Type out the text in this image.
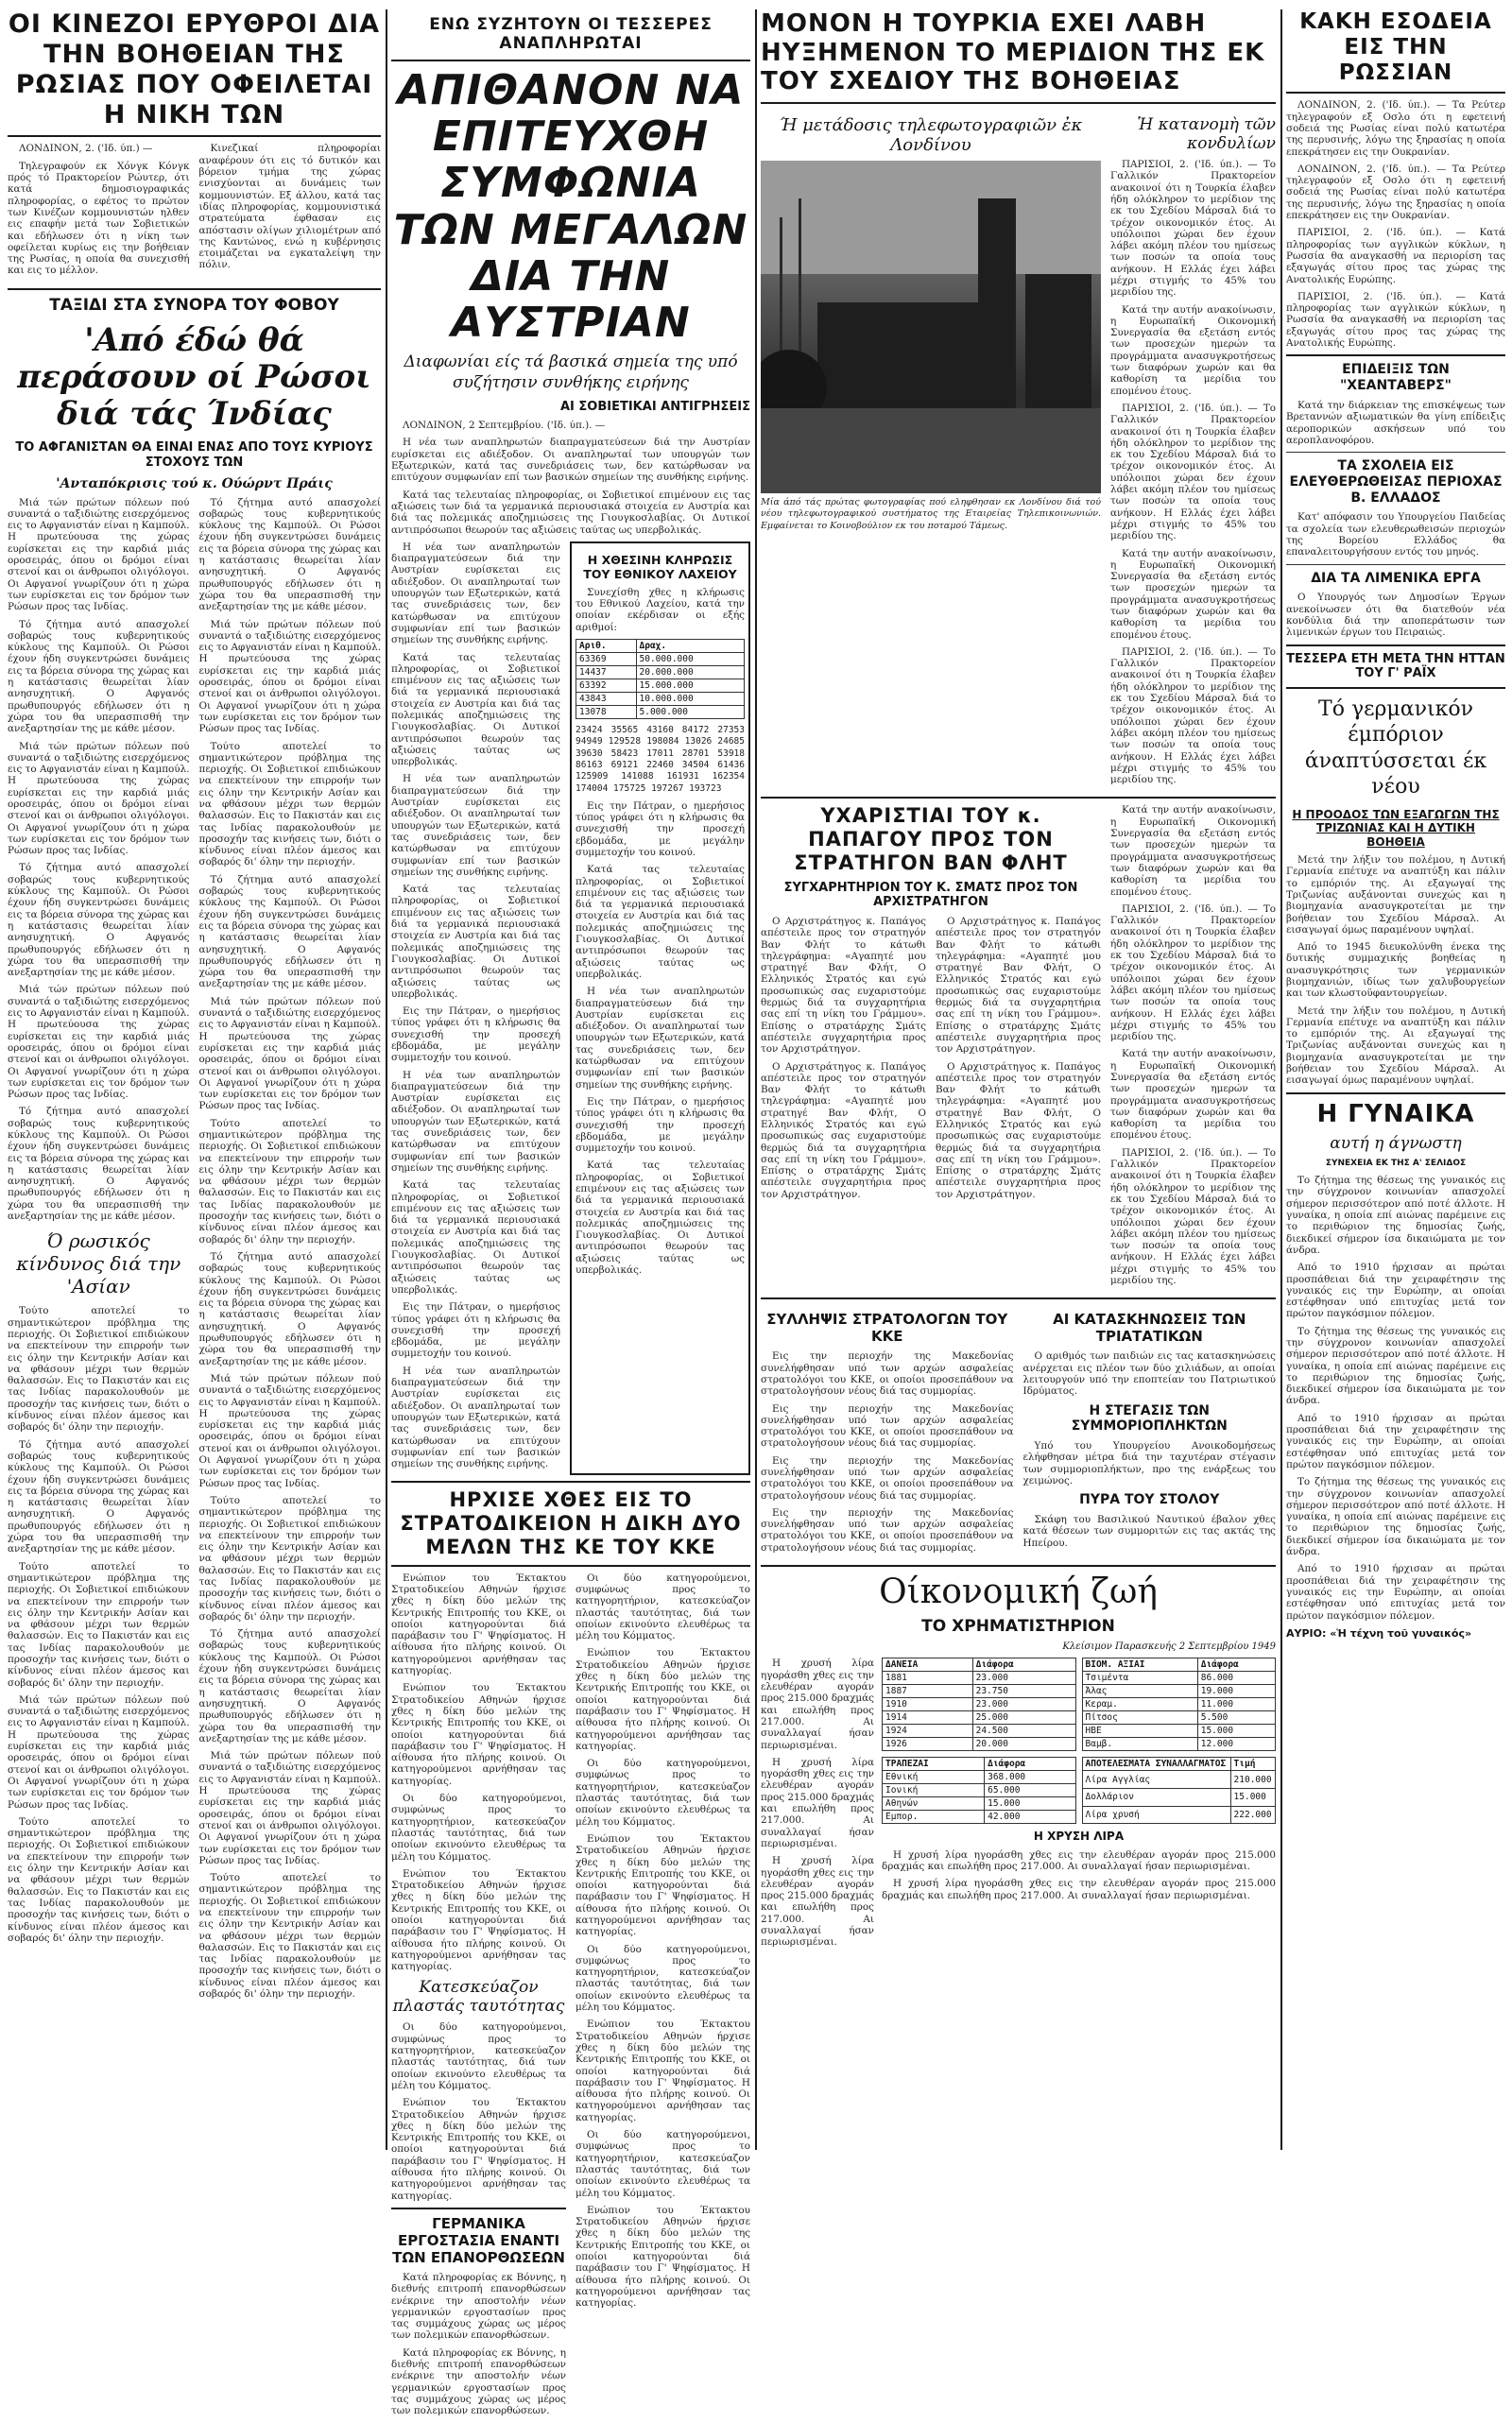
ΟΙ ΚΙΝΕΖΟΙ ΕΡΥΘΡΟΙ ΔΙΑ ΤΗΝ ΒΟΗΘΕΙΑΝ ΤΗΣ ΡΩΣΙΑΣ ΠΟΥ ΟΦΕΙΛΕΤΑΙ Η ΝΙΚΗ ΤΩΝ

ΛΟΝΔΙΝΟΝ, 2. ('Ιδ. ύπ.) —

Τηλεγραφούν εκ Χόνγκ Κόνγκ πρός τό Πρακτορείον Ρώυτερ, ότι κατά δημοσιογραφικάς πληροφορίας, ο εφέτος το πρώτον των Κινέζων κομμουνιστών ηλθεν εις επαφήν μετά των Σοβιετικών και εδήλωσεν ότι η νίκη των οφείλεται κυρίως εις την βοήθειαν της Ρωσίας, η οποία θα συνεχισθή και εις το μέλλον.

Κινεζικαί πληροφορίαι αναφέρουν ότι εις τό δυτικόν και βόρειον τμήμα της χώρας ενισχύονται αι δυνάμεις των κομμουνιστών. Εξ άλλου, κατά τας ιδίας πληροφορίας, κομμουνιστικά στρατεύματα έφθασαν εις απόστασιν ολίγων χιλιομέτρων από της Καντώνος, ενώ η κυβέρνησις ετοιμάζεται να εγκαταλείψη την πόλιν.

ΤΑΞΙΔΙ ΣΤΑ ΣΥΝΟΡΑ ΤΟΥ ΦΟΒΟΥ
'Από έδώ θά περάσουν οί Ρώσοι διά τάς Ίνδίας
ΤΟ ΑΦΓΑΝΙΣΤΑΝ ΘΑ ΕΙΝΑΙ ΕΝΑΣ ΑΠΟ ΤΟΥΣ ΚΥΡΙΟΥΣ ΣΤΟΧΟΥΣ ΤΩΝ
'Ανταπόκρισις τού κ. Ούώρντ Πράις

Μιά τών πρώτων πόλεων πού συναντά ο ταξιδιώτης εισερχόμενος εις το Αφγανιστάν είναι η Καμπούλ. Η πρωτεύουσα της χώρας ευρίσκεται εις την καρδιά μιάς οροσειράς, όπου οι δρόμοι είναι στενοί και οι άνθρωποι ολιγόλογοι. Οι Αφγανοί γνωρίζουν ότι η χώρα των ευρίσκεται εις τον δρόμον των Ρώσων προς τας Ινδίας.

Τό ζήτημα αυτό απασχολεί σοβαρώς τους κυβερνητικούς κύκλους της Καμπούλ. Οι Ρώσοι έχουν ήδη συγκεντρώσει δυνάμεις εις τα βόρεια σύνορα της χώρας και η κατάστασις θεωρείται λίαν ανησυχητική. Ο Αφγανός πρωθυπουργός εδήλωσεν ότι η χώρα του θα υπερασπισθή την ανεξαρτησίαν της με κάθε μέσον.

Μιά τών πρώτων πόλεων πού συναντά ο ταξιδιώτης εισερχόμενος εις το Αφγανιστάν είναι η Καμπούλ. Η πρωτεύουσα της χώρας ευρίσκεται εις την καρδιά μιάς οροσειράς, όπου οι δρόμοι είναι στενοί και οι άνθρωποι ολιγόλογοι. Οι Αφγανοί γνωρίζουν ότι η χώρα των ευρίσκεται εις τον δρόμον των Ρώσων προς τας Ινδίας.

Τό ζήτημα αυτό απασχολεί σοβαρώς τους κυβερνητικούς κύκλους της Καμπούλ. Οι Ρώσοι έχουν ήδη συγκεντρώσει δυνάμεις εις τα βόρεια σύνορα της χώρας και η κατάστασις θεωρείται λίαν ανησυχητική. Ο Αφγανός πρωθυπουργός εδήλωσεν ότι η χώρα του θα υπερασπισθή την ανεξαρτησίαν της με κάθε μέσον.

Μιά τών πρώτων πόλεων πού συναντά ο ταξιδιώτης εισερχόμενος εις το Αφγανιστάν είναι η Καμπούλ. Η πρωτεύουσα της χώρας ευρίσκεται εις την καρδιά μιάς οροσειράς, όπου οι δρόμοι είναι στενοί και οι άνθρωποι ολιγόλογοι. Οι Αφγανοί γνωρίζουν ότι η χώρα των ευρίσκεται εις τον δρόμον των Ρώσων προς τας Ινδίας.

Τό ζήτημα αυτό απασχολεί σοβαρώς τους κυβερνητικούς κύκλους της Καμπούλ. Οι Ρώσοι έχουν ήδη συγκεντρώσει δυνάμεις εις τα βόρεια σύνορα της χώρας και η κατάστασις θεωρείται λίαν ανησυχητική. Ο Αφγανός πρωθυπουργός εδήλωσεν ότι η χώρα του θα υπερασπισθή την ανεξαρτησίαν της με κάθε μέσον.

Ό ρωσικός κίνδυνος διά την 'Ασίαν

Τούτο αποτελεί το σημαντικώτερον πρόβλημα της περιοχής. Οι Σοβιετικοί επιδιώκουν να επεκτείνουν την επιρροήν των εις όλην την Κεντρικήν Ασίαν και να φθάσουν μέχρι των θερμών θαλασσών. Εις το Πακιστάν και εις τας Ινδίας παρακολουθούν με προσοχήν τας κινήσεις των, διότι ο κίνδυνος είναι πλέον άμεσος και σοβαρός δι' όλην την περιοχήν.

Τό ζήτημα αυτό απασχολεί σοβαρώς τους κυβερνητικούς κύκλους της Καμπούλ. Οι Ρώσοι έχουν ήδη συγκεντρώσει δυνάμεις εις τα βόρεια σύνορα της χώρας και η κατάστασις θεωρείται λίαν ανησυχητική. Ο Αφγανός πρωθυπουργός εδήλωσεν ότι η χώρα του θα υπερασπισθή την ανεξαρτησίαν της με κάθε μέσον.

Τούτο αποτελεί το σημαντικώτερον πρόβλημα της περιοχής. Οι Σοβιετικοί επιδιώκουν να επεκτείνουν την επιρροήν των εις όλην την Κεντρικήν Ασίαν και να φθάσουν μέχρι των θερμών θαλασσών. Εις το Πακιστάν και εις τας Ινδίας παρακολουθούν με προσοχήν τας κινήσεις των, διότι ο κίνδυνος είναι πλέον άμεσος και σοβαρός δι' όλην την περιοχήν.

Μιά τών πρώτων πόλεων πού συναντά ο ταξιδιώτης εισερχόμενος εις το Αφγανιστάν είναι η Καμπούλ. Η πρωτεύουσα της χώρας ευρίσκεται εις την καρδιά μιάς οροσειράς, όπου οι δρόμοι είναι στενοί και οι άνθρωποι ολιγόλογοι. Οι Αφγανοί γνωρίζουν ότι η χώρα των ευρίσκεται εις τον δρόμον των Ρώσων προς τας Ινδίας.

Τούτο αποτελεί το σημαντικώτερον πρόβλημα της περιοχής. Οι Σοβιετικοί επιδιώκουν να επεκτείνουν την επιρροήν των εις όλην την Κεντρικήν Ασίαν και να φθάσουν μέχρι των θερμών θαλασσών. Εις το Πακιστάν και εις τας Ινδίας παρακολουθούν με προσοχήν τας κινήσεις των, διότι ο κίνδυνος είναι πλέον άμεσος και σοβαρός δι' όλην την περιοχήν.

Τό ζήτημα αυτό απασχολεί σοβαρώς τους κυβερνητικούς κύκλους της Καμπούλ. Οι Ρώσοι έχουν ήδη συγκεντρώσει δυνάμεις εις τα βόρεια σύνορα της χώρας και η κατάστασις θεωρείται λίαν ανησυχητική. Ο Αφγανός πρωθυπουργός εδήλωσεν ότι η χώρα του θα υπερασπισθή την ανεξαρτησίαν της με κάθε μέσον.

Μιά τών πρώτων πόλεων πού συναντά ο ταξιδιώτης εισερχόμενος εις το Αφγανιστάν είναι η Καμπούλ. Η πρωτεύουσα της χώρας ευρίσκεται εις την καρδιά μιάς οροσειράς, όπου οι δρόμοι είναι στενοί και οι άνθρωποι ολιγόλογοι. Οι Αφγανοί γνωρίζουν ότι η χώρα των ευρίσκεται εις τον δρόμον των Ρώσων προς τας Ινδίας.

Τούτο αποτελεί το σημαντικώτερον πρόβλημα της περιοχής. Οι Σοβιετικοί επιδιώκουν να επεκτείνουν την επιρροήν των εις όλην την Κεντρικήν Ασίαν και να φθάσουν μέχρι των θερμών θαλασσών. Εις το Πακιστάν και εις τας Ινδίας παρακολουθούν με προσοχήν τας κινήσεις των, διότι ο κίνδυνος είναι πλέον άμεσος και σοβαρός δι' όλην την περιοχήν.

Τό ζήτημα αυτό απασχολεί σοβαρώς τους κυβερνητικούς κύκλους της Καμπούλ. Οι Ρώσοι έχουν ήδη συγκεντρώσει δυνάμεις εις τα βόρεια σύνορα της χώρας και η κατάστασις θεωρείται λίαν ανησυχητική. Ο Αφγανός πρωθυπουργός εδήλωσεν ότι η χώρα του θα υπερασπισθή την ανεξαρτησίαν της με κάθε μέσον.

Μιά τών πρώτων πόλεων πού συναντά ο ταξιδιώτης εισερχόμενος εις το Αφγανιστάν είναι η Καμπούλ. Η πρωτεύουσα της χώρας ευρίσκεται εις την καρδιά μιάς οροσειράς, όπου οι δρόμοι είναι στενοί και οι άνθρωποι ολιγόλογοι. Οι Αφγανοί γνωρίζουν ότι η χώρα των ευρίσκεται εις τον δρόμον των Ρώσων προς τας Ινδίας.

Τούτο αποτελεί το σημαντικώτερον πρόβλημα της περιοχής. Οι Σοβιετικοί επιδιώκουν να επεκτείνουν την επιρροήν των εις όλην την Κεντρικήν Ασίαν και να φθάσουν μέχρι των θερμών θαλασσών. Εις το Πακιστάν και εις τας Ινδίας παρακολουθούν με προσοχήν τας κινήσεις των, διότι ο κίνδυνος είναι πλέον άμεσος και σοβαρός δι' όλην την περιοχήν.

Τό ζήτημα αυτό απασχολεί σοβαρώς τους κυβερνητικούς κύκλους της Καμπούλ. Οι Ρώσοι έχουν ήδη συγκεντρώσει δυνάμεις εις τα βόρεια σύνορα της χώρας και η κατάστασις θεωρείται λίαν ανησυχητική. Ο Αφγανός πρωθυπουργός εδήλωσεν ότι η χώρα του θα υπερασπισθή την ανεξαρτησίαν της με κάθε μέσον.

Μιά τών πρώτων πόλεων πού συναντά ο ταξιδιώτης εισερχόμενος εις το Αφγανιστάν είναι η Καμπούλ. Η πρωτεύουσα της χώρας ευρίσκεται εις την καρδιά μιάς οροσειράς, όπου οι δρόμοι είναι στενοί και οι άνθρωποι ολιγόλογοι. Οι Αφγανοί γνωρίζουν ότι η χώρα των ευρίσκεται εις τον δρόμον των Ρώσων προς τας Ινδίας.

Τούτο αποτελεί το σημαντικώτερον πρόβλημα της περιοχής. Οι Σοβιετικοί επιδιώκουν να επεκτείνουν την επιρροήν των εις όλην την Κεντρικήν Ασίαν και να φθάσουν μέχρι των θερμών θαλασσών. Εις το Πακιστάν και εις τας Ινδίας παρακολουθούν με προσοχήν τας κινήσεις των, διότι ο κίνδυνος είναι πλέον άμεσος και σοβαρός δι' όλην την περιοχήν.

Τό ζήτημα αυτό απασχολεί σοβαρώς τους κυβερνητικούς κύκλους της Καμπούλ. Οι Ρώσοι έχουν ήδη συγκεντρώσει δυνάμεις εις τα βόρεια σύνορα της χώρας και η κατάστασις θεωρείται λίαν ανησυχητική. Ο Αφγανός πρωθυπουργός εδήλωσεν ότι η χώρα του θα υπερασπισθή την ανεξαρτησίαν της με κάθε μέσον.

Μιά τών πρώτων πόλεων πού συναντά ο ταξιδιώτης εισερχόμενος εις το Αφγανιστάν είναι η Καμπούλ. Η πρωτεύουσα της χώρας ευρίσκεται εις την καρδιά μιάς οροσειράς, όπου οι δρόμοι είναι στενοί και οι άνθρωποι ολιγόλογοι. Οι Αφγανοί γνωρίζουν ότι η χώρα των ευρίσκεται εις τον δρόμον των Ρώσων προς τας Ινδίας.

Τούτο αποτελεί το σημαντικώτερον πρόβλημα της περιοχής. Οι Σοβιετικοί επιδιώκουν να επεκτείνουν την επιρροήν των εις όλην την Κεντρικήν Ασίαν και να φθάσουν μέχρι των θερμών θαλασσών. Εις το Πακιστάν και εις τας Ινδίας παρακολουθούν με προσοχήν τας κινήσεις των, διότι ο κίνδυνος είναι πλέον άμεσος και σοβαρός δι' όλην την περιοχήν.

ΕΝΩ ΣΥΖΗΤΟΥΝ ΟΙ ΤΕΣΣΕΡΕΣ ΑΝΑΠΛΗΡΩΤΑΙ
ΑΠΙΘΑΝΟΝ ΝΑ ΕΠΙΤΕΥΧΘΗ ΣΥΜΦΩΝΙΑ ΤΩΝ ΜΕΓΑΛΩΝ ΔΙΑ ΤΗΝ ΑΥΣΤΡΙΑΝ
Διαφωνίαι είς τά βασικά σημεία της υπό συζήτησιν συνθήκης ειρήνης
ΑΙ ΣΟΒΙΕΤΙΚΑΙ ΑΝΤΙΓΡΗΣΕΙΣ

ΛΟΝΔΙΝΟΝ, 2 Σεπτεμβρίου. ('Ιδ. ύπ.). —

Η νέα των αναπληρωτών διαπραγματεύσεων διά την Αυστρίαν ευρίσκεται εις αδιέξοδον. Οι αναπληρωταί των υπουργών των Εξωτερικών, κατά τας συνεδριάσεις των, δεν κατώρθωσαν να επιτύχουν συμφωνίαν επί των βασικών σημείων της συνθήκης ειρήνης.

Κατά τας τελευταίας πληροφορίας, οι Σοβιετικοί επιμένουν εις τας αξιώσεις των διά τα γερμανικά περιουσιακά στοιχεία εν Αυστρία και διά τας πολεμικάς αποζημιώσεις της Γιουγκοσλαβίας. Οι Δυτικοί αντιπρόσωποι θεωρούν τας αξιώσεις ταύτας ως υπερβολικάς.

Η νέα των αναπληρωτών διαπραγματεύσεων διά την Αυστρίαν ευρίσκεται εις αδιέξοδον. Οι αναπληρωταί των υπουργών των Εξωτερικών, κατά τας συνεδριάσεις των, δεν κατώρθωσαν να επιτύχουν συμφωνίαν επί των βασικών σημείων της συνθήκης ειρήνης.

Κατά τας τελευταίας πληροφορίας, οι Σοβιετικοί επιμένουν εις τας αξιώσεις των διά τα γερμανικά περιουσιακά στοιχεία εν Αυστρία και διά τας πολεμικάς αποζημιώσεις της Γιουγκοσλαβίας. Οι Δυτικοί αντιπρόσωποι θεωρούν τας αξιώσεις ταύτας ως υπερβολικάς.

Η νέα των αναπληρωτών διαπραγματεύσεων διά την Αυστρίαν ευρίσκεται εις αδιέξοδον. Οι αναπληρωταί των υπουργών των Εξωτερικών, κατά τας συνεδριάσεις των, δεν κατώρθωσαν να επιτύχουν συμφωνίαν επί των βασικών σημείων της συνθήκης ειρήνης.

Κατά τας τελευταίας πληροφορίας, οι Σοβιετικοί επιμένουν εις τας αξιώσεις των διά τα γερμανικά περιουσιακά στοιχεία εν Αυστρία και διά τας πολεμικάς αποζημιώσεις της Γιουγκοσλαβίας. Οι Δυτικοί αντιπρόσωποι θεωρούν τας αξιώσεις ταύτας ως υπερβολικάς.

Εις την Πάτραν, ο ημερήσιος τύπος γράφει ότι η κλήρωσις θα συνεχισθή την προσεχή εβδομάδα, με μεγάλην συμμετοχήν του κοινού.

Η νέα των αναπληρωτών διαπραγματεύσεων διά την Αυστρίαν ευρίσκεται εις αδιέξοδον. Οι αναπληρωταί των υπουργών των Εξωτερικών, κατά τας συνεδριάσεις των, δεν κατώρθωσαν να επιτύχουν συμφωνίαν επί των βασικών σημείων της συνθήκης ειρήνης.

Κατά τας τελευταίας πληροφορίας, οι Σοβιετικοί επιμένουν εις τας αξιώσεις των διά τα γερμανικά περιουσιακά στοιχεία εν Αυστρία και διά τας πολεμικάς αποζημιώσεις της Γιουγκοσλαβίας. Οι Δυτικοί αντιπρόσωποι θεωρούν τας αξιώσεις ταύτας ως υπερβολικάς.

Εις την Πάτραν, ο ημερήσιος τύπος γράφει ότι η κλήρωσις θα συνεχισθή την προσεχή εβδομάδα, με μεγάλην συμμετοχήν του κοινού.

Η νέα των αναπληρωτών διαπραγματεύσεων διά την Αυστρίαν ευρίσκεται εις αδιέξοδον. Οι αναπληρωταί των υπουργών των Εξωτερικών, κατά τας συνεδριάσεις των, δεν κατώρθωσαν να επιτύχουν συμφωνίαν επί των βασικών σημείων της συνθήκης ειρήνης.

Η ΧΘΕΣΙΝΗ ΚΛΗΡΩΣΙΣ ΤΟΥ ΕΘΝΙΚΟΥ ΛΑΧΕΙΟΥ

Συνεχίσθη χθες η κλήρωσις του Εθνικού Λαχείου, κατά την οποίαν εκέρδισαν οι εξής αριθμοί:

Αριθ.	Δραχ.
63369	50.000.000
14437	20.000.000
63392	15.000.000
43843	10.000.000
13078	5.000.000

23424 35565 43160 84172 27353 94949 129528 198084 13026 24685 39630 58423 17011 28701 53918 86163 69121 22460 34504 61436 125909 141088 161931 162354 174004 175725 197267 193723

Εις την Πάτραν, ο ημερήσιος τύπος γράφει ότι η κλήρωσις θα συνεχισθή την προσεχή εβδομάδα, με μεγάλην συμμετοχήν του κοινού.

Κατά τας τελευταίας πληροφορίας, οι Σοβιετικοί επιμένουν εις τας αξιώσεις των διά τα γερμανικά περιουσιακά στοιχεία εν Αυστρία και διά τας πολεμικάς αποζημιώσεις της Γιουγκοσλαβίας. Οι Δυτικοί αντιπρόσωποι θεωρούν τας αξιώσεις ταύτας ως υπερβολικάς.

Η νέα των αναπληρωτών διαπραγματεύσεων διά την Αυστρίαν ευρίσκεται εις αδιέξοδον. Οι αναπληρωταί των υπουργών των Εξωτερικών, κατά τας συνεδριάσεις των, δεν κατώρθωσαν να επιτύχουν συμφωνίαν επί των βασικών σημείων της συνθήκης ειρήνης.

Εις την Πάτραν, ο ημερήσιος τύπος γράφει ότι η κλήρωσις θα συνεχισθή την προσεχή εβδομάδα, με μεγάλην συμμετοχήν του κοινού.

Κατά τας τελευταίας πληροφορίας, οι Σοβιετικοί επιμένουν εις τας αξιώσεις των διά τα γερμανικά περιουσιακά στοιχεία εν Αυστρία και διά τας πολεμικάς αποζημιώσεις της Γιουγκοσλαβίας. Οι Δυτικοί αντιπρόσωποι θεωρούν τας αξιώσεις ταύτας ως υπερβολικάς.

ΗΡΧΙΣΕ ΧΘΕΣ ΕΙΣ ΤΟ ΣΤΡΑΤΟΔΙΚΕΙΟΝ Η ΔΙΚΗ ΔΥΟ ΜΕΛΩΝ ΤΗΣ ΚΕ ΤΟΥ ΚΚΕ

Ενώπιον του Έκτακτου Στρατοδικείου Αθηνών ήρχισε χθες η δίκη δύο μελών της Κεντρικής Επιτροπής του ΚΚΕ, οι οποίοι κατηγορούνται διά παράβασιν του Γ' Ψηφίσματος. Η αίθουσα ήτο πλήρης κοινού. Οι κατηγορούμενοι αρνήθησαν τας κατηγορίας.

Ενώπιον του Έκτακτου Στρατοδικείου Αθηνών ήρχισε χθες η δίκη δύο μελών της Κεντρικής Επιτροπής του ΚΚΕ, οι οποίοι κατηγορούνται διά παράβασιν του Γ' Ψηφίσματος. Η αίθουσα ήτο πλήρης κοινού. Οι κατηγορούμενοι αρνήθησαν τας κατηγορίας.

Οι δύο κατηγορούμενοι, συμφώνως προς το κατηγορητήριον, κατεσκεύαζον πλαστάς ταυτότητας, διά των οποίων εκινούντο ελευθέρως τα μέλη του Κόμματος.

Ενώπιον του Έκτακτου Στρατοδικείου Αθηνών ήρχισε χθες η δίκη δύο μελών της Κεντρικής Επιτροπής του ΚΚΕ, οι οποίοι κατηγορούνται διά παράβασιν του Γ' Ψηφίσματος. Η αίθουσα ήτο πλήρης κοινού. Οι κατηγορούμενοι αρνήθησαν τας κατηγορίας.

Κατεσκεύαζον πλαστάς ταυτότητας

Οι δύο κατηγορούμενοι, συμφώνως προς το κατηγορητήριον, κατεσκεύαζον πλαστάς ταυτότητας, διά των οποίων εκινούντο ελευθέρως τα μέλη του Κόμματος.

Ενώπιον του Έκτακτου Στρατοδικείου Αθηνών ήρχισε χθες η δίκη δύο μελών της Κεντρικής Επιτροπής του ΚΚΕ, οι οποίοι κατηγορούνται διά παράβασιν του Γ' Ψηφίσματος. Η αίθουσα ήτο πλήρης κοινού. Οι κατηγορούμενοι αρνήθησαν τας κατηγορίας.

ΓΕΡΜΑΝΙΚΑ ΕΡΓΟΣΤΑΣΙΑ ΕΝΑΝΤΙ ΤΩΝ ΕΠΑΝΟΡΘΩΣΕΩΝ

Κατά πληροφορίας εκ Βόννης, η διεθνής επιτροπή επανορθώσεων ενέκρινε την αποστολήν νέων γερμανικών εργοστασίων προς τας συμμάχους χώρας ως μέρος των πολεμικών επανορθώσεων.

Κατά πληροφορίας εκ Βόννης, η διεθνής επιτροπή επανορθώσεων ενέκρινε την αποστολήν νέων γερμανικών εργοστασίων προς τας συμμάχους χώρας ως μέρος των πολεμικών επανορθώσεων.

Οι δύο κατηγορούμενοι, συμφώνως προς το κατηγορητήριον, κατεσκεύαζον πλαστάς ταυτότητας, διά των οποίων εκινούντο ελευθέρως τα μέλη του Κόμματος.

Ενώπιον του Έκτακτου Στρατοδικείου Αθηνών ήρχισε χθες η δίκη δύο μελών της Κεντρικής Επιτροπής του ΚΚΕ, οι οποίοι κατηγορούνται διά παράβασιν του Γ' Ψηφίσματος. Η αίθουσα ήτο πλήρης κοινού. Οι κατηγορούμενοι αρνήθησαν τας κατηγορίας.

Οι δύο κατηγορούμενοι, συμφώνως προς το κατηγορητήριον, κατεσκεύαζον πλαστάς ταυτότητας, διά των οποίων εκινούντο ελευθέρως τα μέλη του Κόμματος.

Ενώπιον του Έκτακτου Στρατοδικείου Αθηνών ήρχισε χθες η δίκη δύο μελών της Κεντρικής Επιτροπής του ΚΚΕ, οι οποίοι κατηγορούνται διά παράβασιν του Γ' Ψηφίσματος. Η αίθουσα ήτο πλήρης κοινού. Οι κατηγορούμενοι αρνήθησαν τας κατηγορίας.

Οι δύο κατηγορούμενοι, συμφώνως προς το κατηγορητήριον, κατεσκεύαζον πλαστάς ταυτότητας, διά των οποίων εκινούντο ελευθέρως τα μέλη του Κόμματος.

Ενώπιον του Έκτακτου Στρατοδικείου Αθηνών ήρχισε χθες η δίκη δύο μελών της Κεντρικής Επιτροπής του ΚΚΕ, οι οποίοι κατηγορούνται διά παράβασιν του Γ' Ψηφίσματος. Η αίθουσα ήτο πλήρης κοινού. Οι κατηγορούμενοι αρνήθησαν τας κατηγορίας.

Οι δύο κατηγορούμενοι, συμφώνως προς το κατηγορητήριον, κατεσκεύαζον πλαστάς ταυτότητας, διά των οποίων εκινούντο ελευθέρως τα μέλη του Κόμματος.

Ενώπιον του Έκτακτου Στρατοδικείου Αθηνών ήρχισε χθες η δίκη δύο μελών της Κεντρικής Επιτροπής του ΚΚΕ, οι οποίοι κατηγορούνται διά παράβασιν του Γ' Ψηφίσματος. Η αίθουσα ήτο πλήρης κοινού. Οι κατηγορούμενοι αρνήθησαν τας κατηγορίας.

ΜΟΝΟΝ Η ΤΟΥΡΚΙΑ ΕΧΕΙ ΛΑΒΗ ΗΥΞΗΜΕΝΟΝ ΤΟ ΜΕΡΙΔΙΟΝ ΤΗΣ ΕΚ ΤΟΥ ΣΧΕΔΙΟΥ ΤΗΣ ΒΟΗΘΕΙΑΣ
Ή μετάδοσις τηλεφωτογραφιῶν ἐκ Λονδίνου

Μία άπό τάς πρώτας φωτογραφίας πού εληφθησαν εκ Λονδίνου διά τού νέου τηλεφωτογραφικού συστήματος της Εταιρείας Τηλεπικοινωνιών. Εμφαίνεται το Κοινοβούλιον εκ του ποταμού Τάμεως.

Ἡ κατανομὴ τῶν κονδυλίων

ΠΑΡΙΣΙΟΙ, 2. ('Ιδ. ύπ.). — Το Γαλλικόν Πρακτορείον ανακοινοί ότι η Τουρκία έλαβεν ήδη ολόκληρον το μερίδιον της εκ του Σχεδίου Μάρσαλ διά το τρέχον οικονομικόν έτος. Αι υπόλοιποι χώραι δεν έχουν λάβει ακόμη πλέον του ημίσεως των ποσών τα οποία τους ανήκουν. Η Ελλάς έχει λάβει μέχρι στιγμής το 45% του μεριδίου της.

Κατά την αυτήν ανακοίνωσιν, η Ευρωπαϊκή Οικονομική Συνεργασία θα εξετάση εντός των προσεχών ημερών τα προγράμματα ανασυγκροτήσεως των διαφόρων χωρών και θα καθορίση τα μερίδια του επομένου έτους.

ΠΑΡΙΣΙΟΙ, 2. ('Ιδ. ύπ.). — Το Γαλλικόν Πρακτορείον ανακοινοί ότι η Τουρκία έλαβεν ήδη ολόκληρον το μερίδιον της εκ του Σχεδίου Μάρσαλ διά το τρέχον οικονομικόν έτος. Αι υπόλοιποι χώραι δεν έχουν λάβει ακόμη πλέον του ημίσεως των ποσών τα οποία τους ανήκουν. Η Ελλάς έχει λάβει μέχρι στιγμής το 45% του μεριδίου της.

Κατά την αυτήν ανακοίνωσιν, η Ευρωπαϊκή Οικονομική Συνεργασία θα εξετάση εντός των προσεχών ημερών τα προγράμματα ανασυγκροτήσεως των διαφόρων χωρών και θα καθορίση τα μερίδια του επομένου έτους.

ΠΑΡΙΣΙΟΙ, 2. ('Ιδ. ύπ.). — Το Γαλλικόν Πρακτορείον ανακοινοί ότι η Τουρκία έλαβεν ήδη ολόκληρον το μερίδιον της εκ του Σχεδίου Μάρσαλ διά το τρέχον οικονομικόν έτος. Αι υπόλοιποι χώραι δεν έχουν λάβει ακόμη πλέον του ημίσεως των ποσών τα οποία τους ανήκουν. Η Ελλάς έχει λάβει μέχρι στιγμής το 45% του μεριδίου της.

ΥΧΑΡΙΣΤΙΑΙ ΤΟΥ κ. ΠΑΠΑΓΟΥ ΠΡΟΣ ΤΟΝ ΣΤΡΑΤΗΓΟΝ ΒΑΝ ΦΛΗΤ
ΣΥΓΧΑΡΗΤΗΡΙΟΝ ΤΟΥ Κ. ΣΜΑΤΣ ΠΡΟΣ ΤΟΝ ΑΡΧΙΣΤΡΑΤΗΓΟΝ

Ο Αρχιστράτηγος κ. Παπάγος απέστειλε προς τον στρατηγόν Βαν Φλήτ το κάτωθι τηλεγράφημα: «Αγαπητέ μου στρατηγέ Βαν Φλήτ, Ο Ελληνικός Στρατός και εγώ προσωπικώς σας ευχαριστούμε θερμώς διά τα συγχαρητήρια σας επί τη νίκη του Γράμμου». Επίσης ο στρατάρχης Σμάτς απέστειλε συγχαρητήρια προς τον Αρχιστράτηγον.

Ο Αρχιστράτηγος κ. Παπάγος απέστειλε προς τον στρατηγόν Βαν Φλήτ το κάτωθι τηλεγράφημα: «Αγαπητέ μου στρατηγέ Βαν Φλήτ, Ο Ελληνικός Στρατός και εγώ προσωπικώς σας ευχαριστούμε θερμώς διά τα συγχαρητήρια σας επί τη νίκη του Γράμμου». Επίσης ο στρατάρχης Σμάτς απέστειλε συγχαρητήρια προς τον Αρχιστράτηγον.

Ο Αρχιστράτηγος κ. Παπάγος απέστειλε προς τον στρατηγόν Βαν Φλήτ το κάτωθι τηλεγράφημα: «Αγαπητέ μου στρατηγέ Βαν Φλήτ, Ο Ελληνικός Στρατός και εγώ προσωπικώς σας ευχαριστούμε θερμώς διά τα συγχαρητήρια σας επί τη νίκη του Γράμμου». Επίσης ο στρατάρχης Σμάτς απέστειλε συγχαρητήρια προς τον Αρχιστράτηγον.

Ο Αρχιστράτηγος κ. Παπάγος απέστειλε προς τον στρατηγόν Βαν Φλήτ το κάτωθι τηλεγράφημα: «Αγαπητέ μου στρατηγέ Βαν Φλήτ, Ο Ελληνικός Στρατός και εγώ προσωπικώς σας ευχαριστούμε θερμώς διά τα συγχαρητήρια σας επί τη νίκη του Γράμμου». Επίσης ο στρατάρχης Σμάτς απέστειλε συγχαρητήρια προς τον Αρχιστράτηγον.

Κατά την αυτήν ανακοίνωσιν, η Ευρωπαϊκή Οικονομική Συνεργασία θα εξετάση εντός των προσεχών ημερών τα προγράμματα ανασυγκροτήσεως των διαφόρων χωρών και θα καθορίση τα μερίδια του επομένου έτους.

ΠΑΡΙΣΙΟΙ, 2. ('Ιδ. ύπ.). — Το Γαλλικόν Πρακτορείον ανακοινοί ότι η Τουρκία έλαβεν ήδη ολόκληρον το μερίδιον της εκ του Σχεδίου Μάρσαλ διά το τρέχον οικονομικόν έτος. Αι υπόλοιποι χώραι δεν έχουν λάβει ακόμη πλέον του ημίσεως των ποσών τα οποία τους ανήκουν. Η Ελλάς έχει λάβει μέχρι στιγμής το 45% του μεριδίου της.

Κατά την αυτήν ανακοίνωσιν, η Ευρωπαϊκή Οικονομική Συνεργασία θα εξετάση εντός των προσεχών ημερών τα προγράμματα ανασυγκροτήσεως των διαφόρων χωρών και θα καθορίση τα μερίδια του επομένου έτους.

ΠΑΡΙΣΙΟΙ, 2. ('Ιδ. ύπ.). — Το Γαλλικόν Πρακτορείον ανακοινοί ότι η Τουρκία έλαβεν ήδη ολόκληρον το μερίδιον της εκ του Σχεδίου Μάρσαλ διά το τρέχον οικονομικόν έτος. Αι υπόλοιποι χώραι δεν έχουν λάβει ακόμη πλέον του ημίσεως των ποσών τα οποία τους ανήκουν. Η Ελλάς έχει λάβει μέχρι στιγμής το 45% του μεριδίου της.

ΣΥΛΛΗΨΙΣ ΣΤΡΑΤΟΛΟΓΩΝ ΤΟΥ ΚΚΕ

Εις την περιοχήν της Μακεδονίας συνελήφθησαν υπό των αρχών ασφαλείας στρατολόγοι του ΚΚΕ, οι οποίοι προσεπάθουν να στρατολογήσουν νέους διά τας συμμορίας.

Εις την περιοχήν της Μακεδονίας συνελήφθησαν υπό των αρχών ασφαλείας στρατολόγοι του ΚΚΕ, οι οποίοι προσεπάθουν να στρατολογήσουν νέους διά τας συμμορίας.

Εις την περιοχήν της Μακεδονίας συνελήφθησαν υπό των αρχών ασφαλείας στρατολόγοι του ΚΚΕ, οι οποίοι προσεπάθουν να στρατολογήσουν νέους διά τας συμμορίας.

Εις την περιοχήν της Μακεδονίας συνελήφθησαν υπό των αρχών ασφαλείας στρατολόγοι του ΚΚΕ, οι οποίοι προσεπάθουν να στρατολογήσουν νέους διά τας συμμορίας.

ΑΙ ΚΑΤΑΣΚΗΝΩΣΕΙΣ ΤΩΝ ΤΡΙΑΤΑΤΙΚΩΝ

Ο αριθμός των παιδιών εις τας κατασκηνώσεις ανέρχεται εις πλέον των δύο χιλιάδων, αι οποίαι λειτουργούν υπό την εποπτείαν του Πατριωτικού Ιδρύματος.

Η ΣΤΕΓΑΣΙΣ ΤΩΝ ΣΥΜΜΟΡΙΟΠΛΗΚΤΩΝ

Υπό του Υπουργείου Ανοικοδομήσεως ελήφθησαν μέτρα διά την ταχυτέραν στέγασιν των συμμοριοπλήκτων, προ της ενάρξεως του χειμώνος.

ΠΥΡΑ ΤΟΥ ΣΤΟΛΟΥ

Σκάφη του Βασιλικού Ναυτικού έβαλον χθες κατά θέσεων των συμμοριτών εις τας ακτάς της Ηπείρου.

Οίκονομική ζωή
ΤΟ ΧΡΗΜΑΤΙΣΤΗΡΙΟΝ
Κλείσιμον Παρασκευής 2 Σεπτεμβρίου 1949

Η χρυσή λίρα ηγοράσθη χθες εις την ελευθέραν αγοράν προς 215.000 δραχμάς και επωλήθη προς 217.000. Αι συναλλαγαί ήσαν περιωρισμέναι.

Η χρυσή λίρα ηγοράσθη χθες εις την ελευθέραν αγοράν προς 215.000 δραχμάς και επωλήθη προς 217.000. Αι συναλλαγαί ήσαν περιωρισμέναι.

Η χρυσή λίρα ηγοράσθη χθες εις την ελευθέραν αγοράν προς 215.000 δραχμάς και επωλήθη προς 217.000. Αι συναλλαγαί ήσαν περιωρισμέναι.

ΔΑΝΕΙΑ	Διάφορα
1881	23.000
1887	23.750
1910	23.000
1914	25.000
1924	24.500
1926	20.000
ΒΙΟΜ. ΑΞΙΑΙ	Διάφορα
Τσιμέντα	86.000
Άλας	19.000
Κεραμ.	11.000
Πίτσος	5.500
ΗΒΕ	15.000
Βαμβ.	12.000
ΤΡΑΠΕΖΑΙ	Διάφορα
Εθνική	368.000
Ιονική	65.000
Αθηνών	15.000
Εμπορ.	42.000
ΑΠΟΤΕΛΕΣΜΑΤΑ ΣΥΝΑΛΛΑΓΜΑΤΟΣ	Τιμή
Λίρα Αγγλίας	210.000
Δολλάριον	15.000
Λίρα χρυσή	222.000
Η ΧΡΥΣΗ ΛΙΡΑ

Η χρυσή λίρα ηγοράσθη χθες εις την ελευθέραν αγοράν προς 215.000 δραχμάς και επωλήθη προς 217.000. Αι συναλλαγαί ήσαν περιωρισμέναι.

Η χρυσή λίρα ηγοράσθη χθες εις την ελευθέραν αγοράν προς 215.000 δραχμάς και επωλήθη προς 217.000. Αι συναλλαγαί ήσαν περιωρισμέναι.

ΚΑΚΗ ΕΣΟΔΕΙΑ ΕΙΣ ΤΗΝ ΡΩΣΣΙΑΝ

ΛΟΝΔΙΝΟΝ, 2. ('Ιδ. ύπ.). — Τα Ρεύτερ τηλεγραφούν εξ Οσλο ότι η εφετεινή σοδειά της Ρωσίας είναι πολύ κατωτέρα της περυσινής, λόγω της ξηρασίας η οποία επεκράτησεν εις την Ουκρανίαν.

ΛΟΝΔΙΝΟΝ, 2. ('Ιδ. ύπ.). — Τα Ρεύτερ τηλεγραφούν εξ Οσλο ότι η εφετεινή σοδειά της Ρωσίας είναι πολύ κατωτέρα της περυσινής, λόγω της ξηρασίας η οποία επεκράτησεν εις την Ουκρανίαν.

ΠΑΡΙΣΙΟΙ, 2. ('Ιδ. ύπ.). — Κατά πληροφορίας των αγγλικών κύκλων, η Ρωσσία θα αναγκασθή να περιορίση τας εξαγωγάς σίτου προς τας χώρας της Ανατολικής Ευρώπης.

ΠΑΡΙΣΙΟΙ, 2. ('Ιδ. ύπ.). — Κατά πληροφορίας των αγγλικών κύκλων, η Ρωσσία θα αναγκασθή να περιορίση τας εξαγωγάς σίτου προς τας χώρας της Ανατολικής Ευρώπης.

ΕΠΙΔΕΙΞΙΣ ΤΩΝ "ΧΕΑΝΤΑΒΕΡΣ"

Κατά την διάρκειαν της επισκέψεως των Βρεταννών αξιωματικών θα γίνη επίδειξις αεροπορικών ασκήσεων υπό του αεροπλανοφόρου.

ΤΑ ΣΧΟΛΕΙΑ ΕΙΣ ΕΛΕΥΘΕΡΩΘΕΙΣΑΣ ΠΕΡΙΟΧΑΣ Β. ΕΛΛΑΔΟΣ

Κατ' απόφασιν του Υπουργείου Παιδείας τα σχολεία των ελευθερωθεισών περιοχών της Βορείου Ελλάδος θα επαναλειτουργήσουν εντός του μηνός.

ΔΙΑ ΤΑ ΛΙΜΕΝΙΚΑ ΕΡΓΑ

Ο Υπουργός των Δημοσίων Έργων ανεκοίνωσεν ότι θα διατεθούν νέα κονδύλια διά την αποπεράτωσιν των λιμενικών έργων του Πειραιώς.

ΤΕΣΣΕΡΑ ΕΤΗ ΜΕΤΑ ΤΗΝ ΗΤΤΑΝ ΤΟΥ Γ' ΡΑΪΧ
Τό γερμανικόν έμπόριον άναπτύσσεται έκ νέου
Η ΠΡΟΟΔΟΣ ΤΩΝ ΕΞΑΓΩΓΩΝ ΤΗΣ ΤΡΙΖΩΝΙΑΣ ΚΑΙ Η ΔΥΤΙΚΗ ΒΟΗΘΕΙΑ

Μετά την λήξιν του πολέμου, η Δυτική Γερμανία επέτυχε να αναπτύξη και πάλιν το εμπόριόν της. Αι εξαγωγαί της Τριζωνίας αυξάνονται συνεχώς και η βιομηχανία ανασυγκροτείται με την βοήθειαν του Σχεδίου Μάρσαλ. Αι εισαγωγαί όμως παραμένουν υψηλαί.

Από το 1945 διευκολύνθη ένεκα της δυτικής συμμαχικής βοηθείας η ανασυγκρότησις των γερμανικών βιομηχανιών, ιδίως των χαλυβουργείων και των κλωστοϋφαντουργείων.

Μετά την λήξιν του πολέμου, η Δυτική Γερμανία επέτυχε να αναπτύξη και πάλιν το εμπόριόν της. Αι εξαγωγαί της Τριζωνίας αυξάνονται συνεχώς και η βιομηχανία ανασυγκροτείται με την βοήθειαν του Σχεδίου Μάρσαλ. Αι εισαγωγαί όμως παραμένουν υψηλαί.

Η ΓΥΝΑΙΚΑ
αυτή η άγνωστη
ΣΥΝΕΧΕΙΑ ΕΚ ΤΗΣ Α' ΣΕΛΙΔΟΣ

Το ζήτημα της θέσεως της γυναικός εις την σύγχρονον κοινωνίαν απασχολεί σήμερον περισσότερον από ποτέ άλλοτε. Η γυναίκα, η οποία επί αιώνας παρέμεινε εις το περιθώριον της δημοσίας ζωής, διεκδικεί σήμερον ίσα δικαιώματα με τον άνδρα.

Από το 1910 ήρχισαν αι πρώται προσπάθειαι διά την χειραφέτησιν της γυναικός εις την Ευρώπην, αι οποίαι εστέφθησαν υπό επιτυχίας μετά τον πρώτον παγκόσμιον πόλεμον.

Το ζήτημα της θέσεως της γυναικός εις την σύγχρονον κοινωνίαν απασχολεί σήμερον περισσότερον από ποτέ άλλοτε. Η γυναίκα, η οποία επί αιώνας παρέμεινε εις το περιθώριον της δημοσίας ζωής, διεκδικεί σήμερον ίσα δικαιώματα με τον άνδρα.

Από το 1910 ήρχισαν αι πρώται προσπάθειαι διά την χειραφέτησιν της γυναικός εις την Ευρώπην, αι οποίαι εστέφθησαν υπό επιτυχίας μετά τον πρώτον παγκόσμιον πόλεμον.

Το ζήτημα της θέσεως της γυναικός εις την σύγχρονον κοινωνίαν απασχολεί σήμερον περισσότερον από ποτέ άλλοτε. Η γυναίκα, η οποία επί αιώνας παρέμεινε εις το περιθώριον της δημοσίας ζωής, διεκδικεί σήμερον ίσα δικαιώματα με τον άνδρα.

Από το 1910 ήρχισαν αι πρώται προσπάθειαι διά την χειραφέτησιν της γυναικός εις την Ευρώπην, αι οποίαι εστέφθησαν υπό επιτυχίας μετά τον πρώτον παγκόσμιον πόλεμον.

ΑΥΡΙΟ: «Ἡ τέχνη τοῦ γυναικός»
